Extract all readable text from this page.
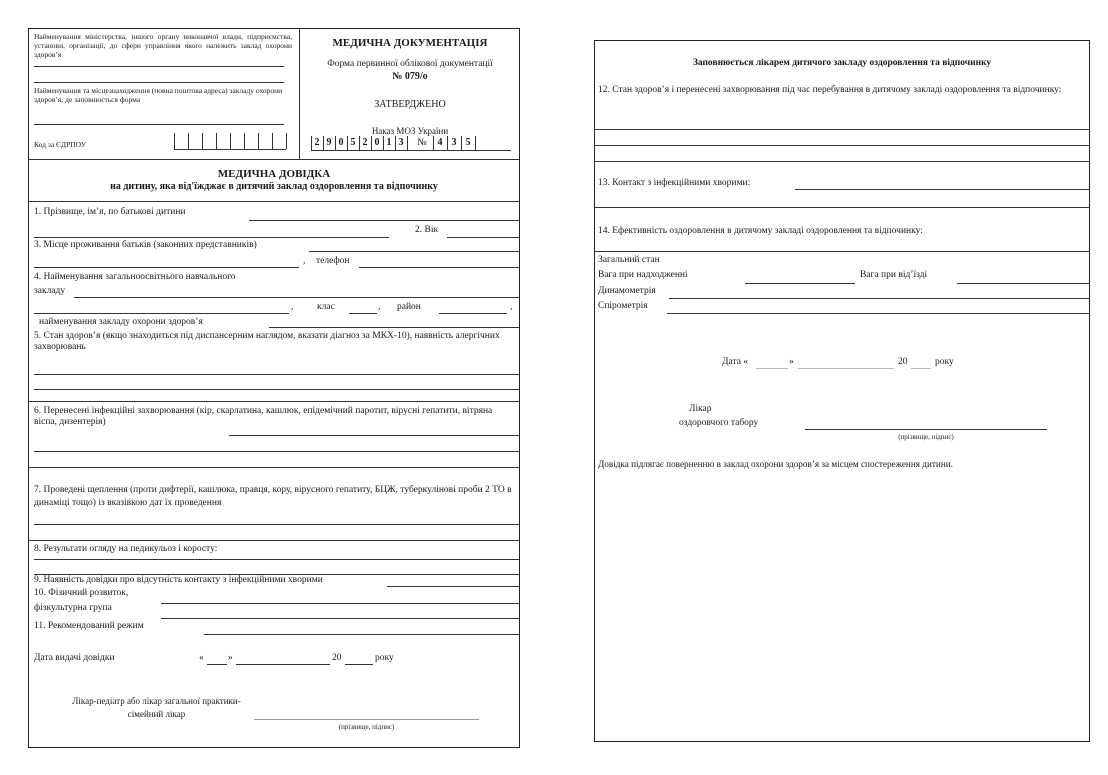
Найменування міністерства, іншого органу виконавчої влади, підприємства, установи, організації, до сфери управління якого належить заклад охорони здоров’я
Найменування та місцезнаходження (повна поштова адреса) закладу охорони здоров’я, де заповнюється форма
Код за ЄДРПОУ
МЕДИЧНА ДОКУМЕНТАЦІЯ
Форма первинної облікової документації
№ 079/о
ЗАТВЕРДЖЕНО
Наказ МОЗ України
2 9 0 5 2 0 1 3 №	4 3 5
МЕДИЧНА ДОВІДКА
на дитину, яка від'їжджає в дитячий заклад оздоровлення та відпочинку
1. Прізвище, ім’я, по батькові дитини
2. Вік
3. Місце проживання батьків (законних представників)
, телефон
4. Найменування загальноосвітнього навчального
закладу
, клас	, район	,
найменування закладу охорони здоров’я
5. Стан здоров’я (якщо знаходиться під диспансерним наглядом, вказати діагноз за МКХ-10), наявність алергічних захворювань
6. Перенесені інфекційні захворювання (кір, скарлатина, кашлюк, епідемічний паротит, вірусні гепатити, вітряна віспа, дизентерія)
7. Проведені щеплення (проти дифтерії, кашлюка, правця, кору, вірусного гепатиту, БЦЖ, туберкулінові проби 2 ТО в динаміці тощо) із вказівкою дат їх проведення
8. Результати огляду на педикульоз і коросту:
9. Наявність довідки про відсутність контакту з інфекційними хворими
10. Фізичний розвиток,
фізкультурна група
11. Рекомендований режим
Дата видачі довідки	«	»	20	року
Лікар-педіатр або лікар загальної практики-
сімейний лікар
(прізвище, підпис)
Заповнюється лікарем дитячого закладу оздоровлення та відпочинку
12. Стан здоров’я і перенесені захворювання під час перебування в дитячому закладі оздоровлення та відпочинку:
13. Контакт з інфекційними хворими:
14. Ефективність оздоровлення в дитячому закладі оздоровлення та відпочинку:
Загальний стан
Вага при надходженні	Вага при від’їзді
Динамометрія
Спірометрія
Дата «	»	20	року
Лікар
оздоровчого табору
(прізвище, підпис)
Довідка підлягає поверненню в заклад охорони здоров’я за місцем спостереження дитини.
